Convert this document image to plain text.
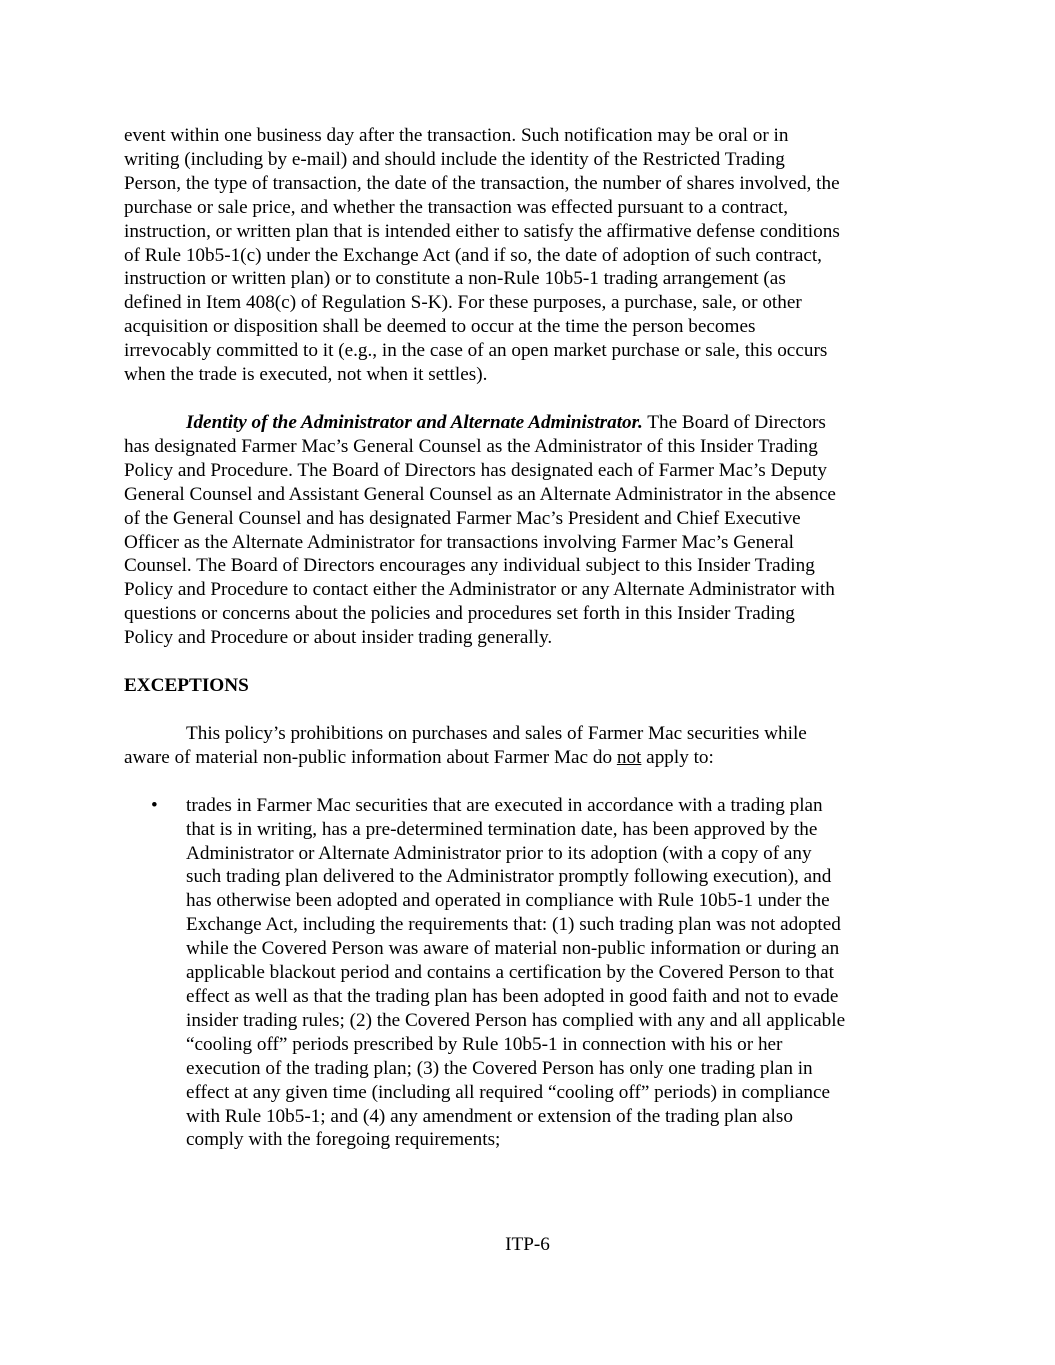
event within one business day after the transaction. Such notification may be oral or in
writing (including by e-mail) and should include the identity of the Restricted Trading
Person, the type of transaction, the date of the transaction, the number of shares involved, the
purchase or sale price, and whether the transaction was effected pursuant to a contract,
instruction, or written plan that is intended either to satisfy the affirmative defense conditions
of Rule 10b5-1(c) under the Exchange Act (and if so, the date of adoption of such contract,
instruction or written plan) or to constitute a non-Rule 10b5-1 trading arrangement (as
defined in Item 408(c) of Regulation S-K). For these purposes, a purchase, sale, or other
acquisition or disposition shall be deemed to occur at the time the person becomes
irrevocably committed to it (e.g., in the case of an open market purchase or sale, this occurs
when the trade is executed, not when it settles).

Identity of the Administrator and Alternate Administrator. The Board of Directors
has designated Farmer Mac’s General Counsel as the Administrator of this Insider Trading
Policy and Procedure. The Board of Directors has designated each of Farmer Mac’s Deputy
General Counsel and Assistant General Counsel as an Alternate Administrator in the absence
of the General Counsel and has designated Farmer Mac’s President and Chief Executive
Officer as the Alternate Administrator for transactions involving Farmer Mac’s General
Counsel. The Board of Directors encourages any individual subject to this Insider Trading
Policy and Procedure to contact either the Administrator or any Alternate Administrator with
questions or concerns about the policies and procedures set forth in this Insider Trading
Policy and Procedure or about insider trading generally.

EXCEPTIONS

This policy’s prohibitions on purchases and sales of Farmer Mac securities while
aware of material non-public information about Farmer Mac do not apply to:

• trades in Farmer Mac securities that are executed in accordance with a trading plan
that is in writing, has a pre-determined termination date, has been approved by the
Administrator or Alternate Administrator prior to its adoption (with a copy of any
such trading plan delivered to the Administrator promptly following execution), and
has otherwise been adopted and operated in compliance with Rule 10b5-1 under the
Exchange Act, including the requirements that: (1) such trading plan was not adopted
while the Covered Person was aware of material non-public information or during an
applicable blackout period and contains a certification by the Covered Person to that
effect as well as that the trading plan has been adopted in good faith and not to evade
insider trading rules; (2) the Covered Person has complied with any and all applicable
“cooling off” periods prescribed by Rule 10b5-1 in connection with his or her
execution of the trading plan; (3) the Covered Person has only one trading plan in
effect at any given time (including all required “cooling off” periods) in compliance
with Rule 10b5-1; and (4) any amendment or extension of the trading plan also
comply with the foregoing requirements;
ITP-6
